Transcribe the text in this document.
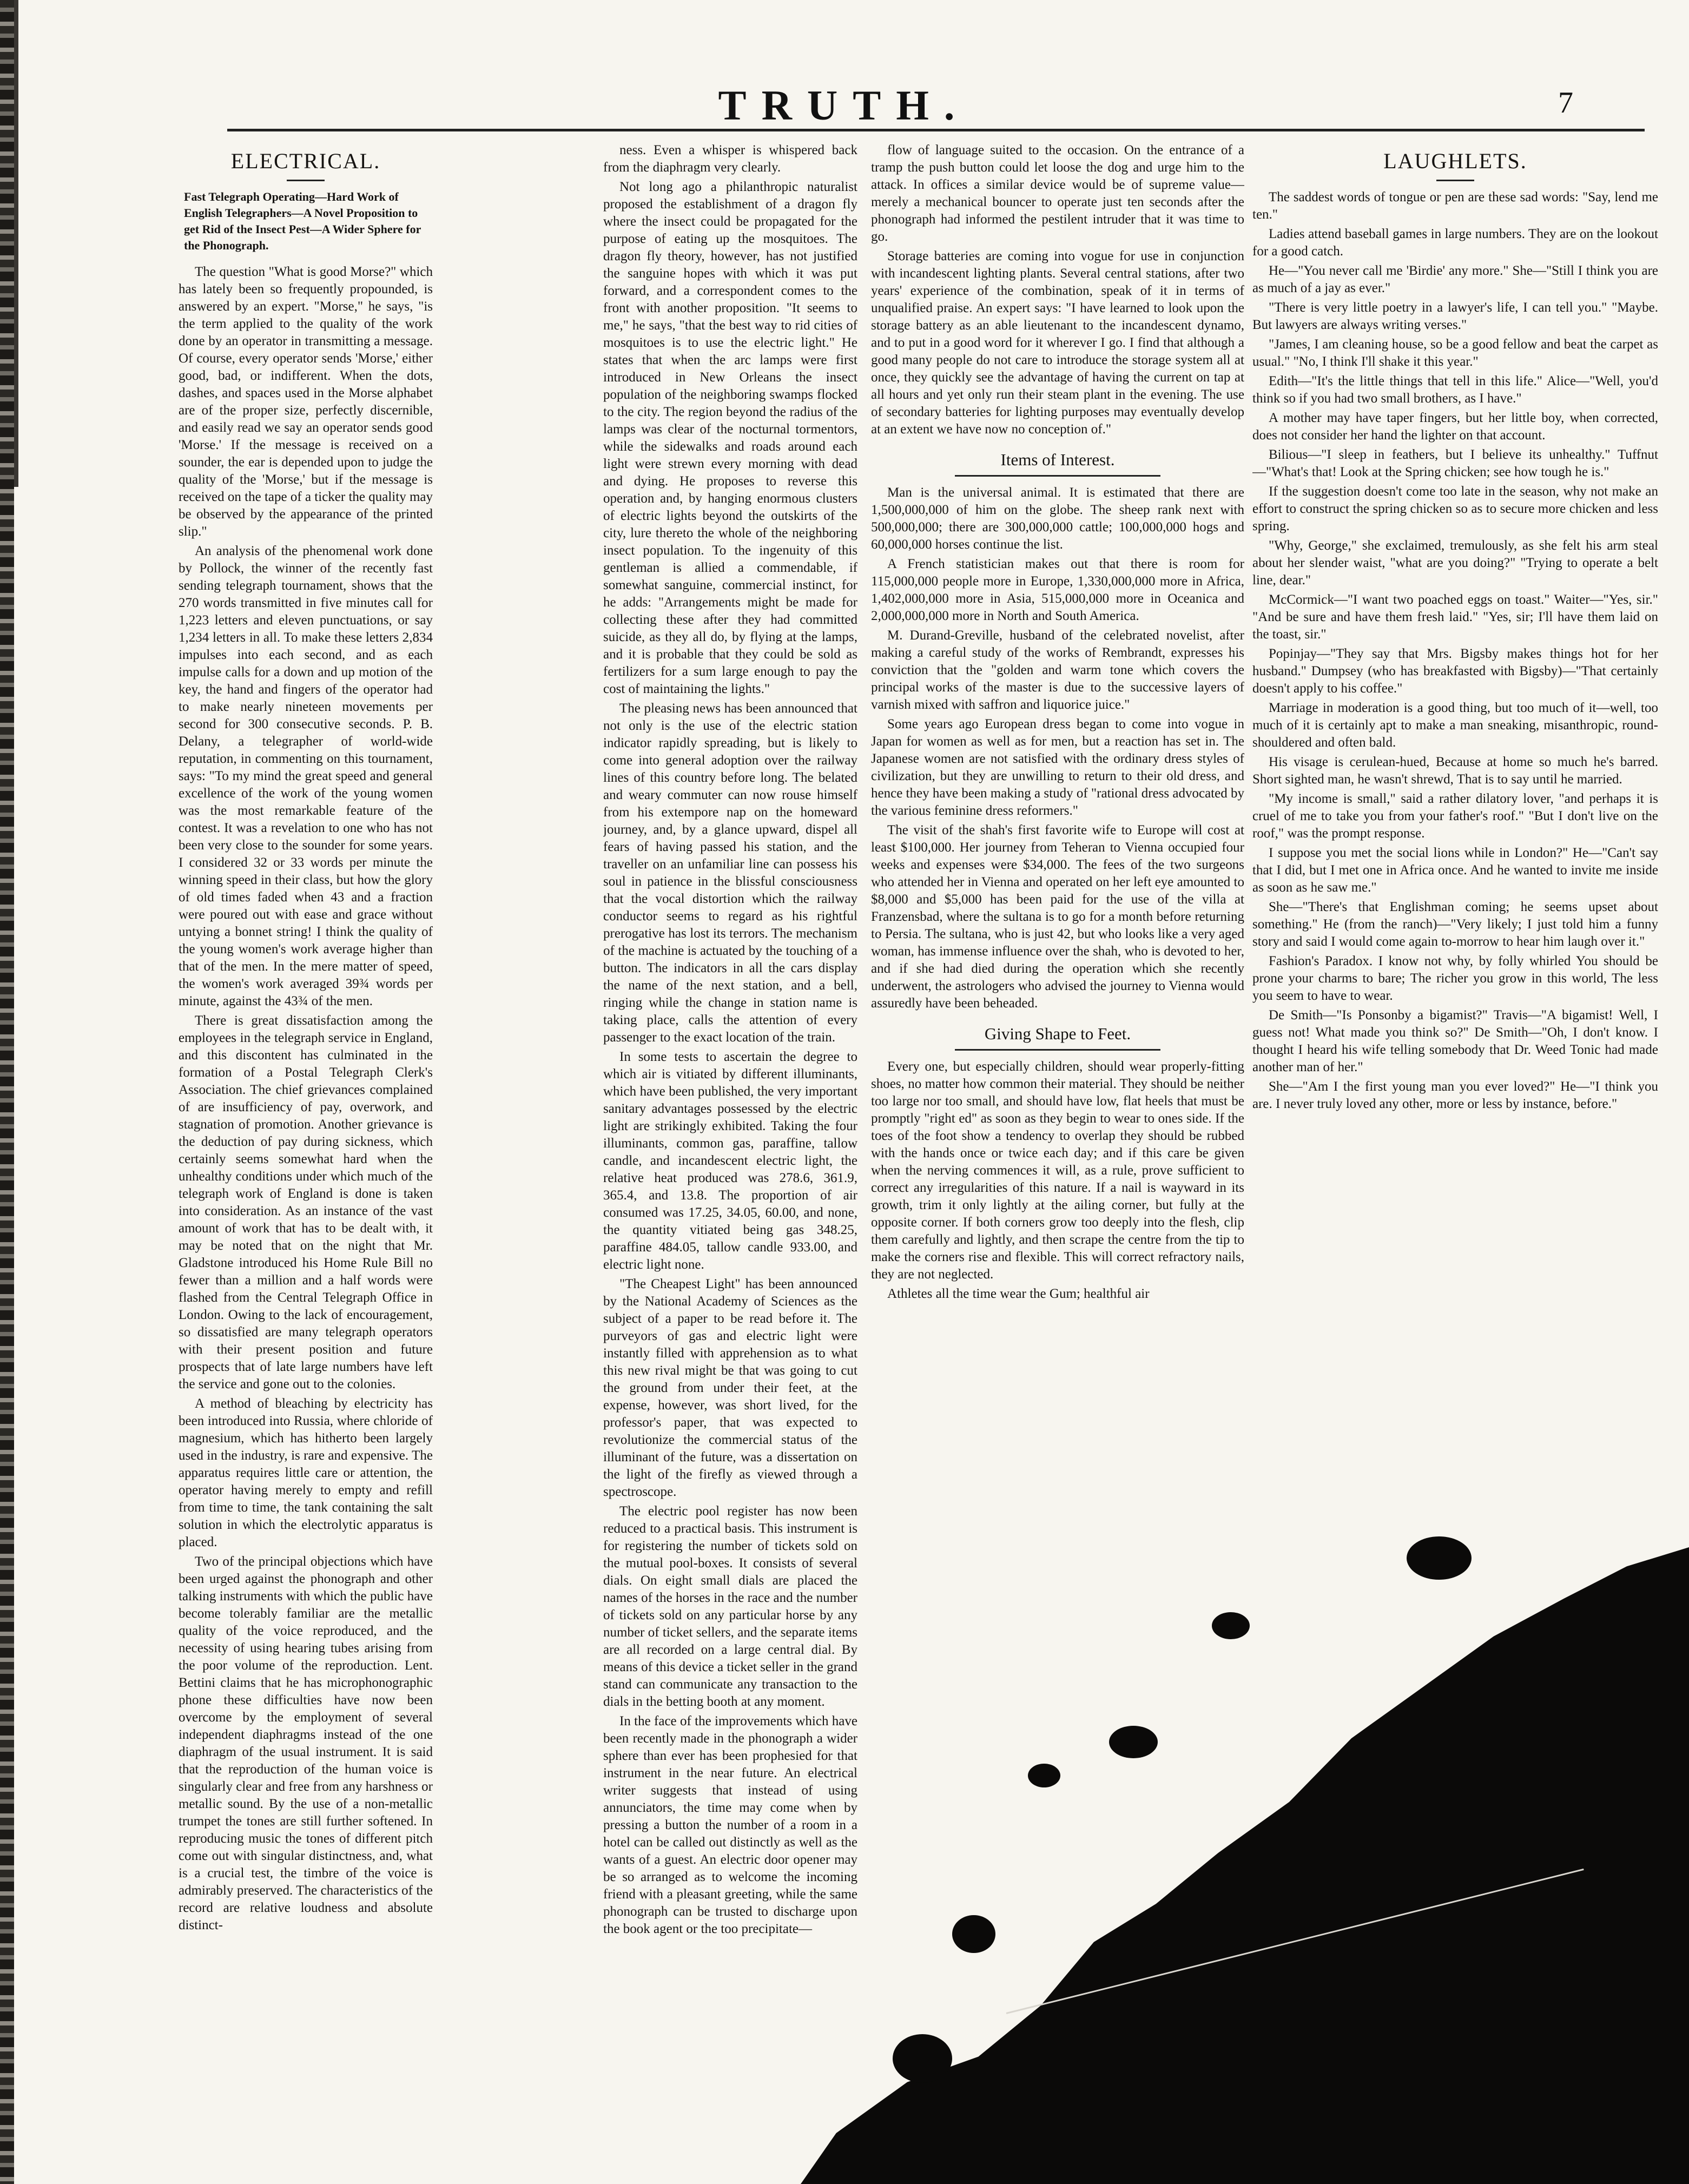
TRUTH.	7
ELECTRICAL.
Fast Telegraph Operating—Hard Work of English Telegraphers—A Novel Proposition to get Rid of the Insect Pest—A Wider Sphere for the Phonograph.

The question "What is good Morse?" which has lately been so frequently propounded, is answered by an expert. "Morse," he says, "is the term applied to the quality of the work done by an operator in transmitting a message. Of course, every operator sends 'Morse,' either good, bad, or indifferent. When the dots, dashes, and spaces used in the Morse alphabet are of the proper size, perfectly discernible, and easily read we say an operator sends good 'Morse.' If the message is received on a sounder, the ear is depended upon to judge the quality of the 'Morse,' but if the message is received on the tape of a ticker the quality may be observed by the appearance of the printed slip."

An analysis of the phenomenal work done by Pollock, the winner of the recently fast sending telegraph tournament, shows that the 270 words transmitted in five minutes call for 1,223 letters and eleven punctuations, or say 1,234 letters in all. To make these letters 2,834 impulses into each second, and as each impulse calls for a down and up motion of the key, the hand and fingers of the operator had to make nearly nineteen movements per second for 300 consecutive seconds. P. B. Delany, a telegrapher of world-wide reputation, in commenting on this tournament, says: "To my mind the great speed and general excellence of the work of the young women was the most remarkable feature of the contest. It was a revelation to one who has not been very close to the sounder for some years. I considered 32 or 33 words per minute the winning speed in their class, but how the glory of old times faded when 43 and a fraction were poured out with ease and grace without untying a bonnet string! I think the quality of the young women's work average higher than that of the men. In the mere matter of speed, the women's work averaged 39¾ words per minute, against the 43¾ of the men.

There is great dissatisfaction among the employees in the telegraph service in England, and this discontent has culminated in the formation of a Postal Telegraph Clerk's Association. The chief grievances complained of are insufficiency of pay, overwork, and stagnation of promotion. Another grievance is the deduction of pay during sickness, which certainly seems somewhat hard when the unhealthy conditions under which much of the telegraph work of England is done is taken into consideration. As an instance of the vast amount of work that has to be dealt with, it may be noted that on the night that Mr. Gladstone introduced his Home Rule Bill no fewer than a million and a half words were flashed from the Central Telegraph Office in London. Owing to the lack of encouragement, so dissatisfied are many telegraph operators with their present position and future prospects that of late large numbers have left the service and gone out to the colonies.

A method of bleaching by electricity has been introduced into Russia, where chloride of magnesium, which has hitherto been largely used in the industry, is rare and expensive. The apparatus requires little care or attention, the operator having merely to empty and refill from time to time, the tank containing the salt solution in which the electrolytic apparatus is placed.

Two of the principal objections which have been urged against the phonograph and other talking instruments with which the public have become tolerably familiar are the metallic quality of the voice reproduced, and the necessity of using hearing tubes arising from the poor volume of the reproduction. Lent. Bettini claims that he has microphonographic phone these difficulties have now been overcome by the employment of several independent diaphragms instead of the one diaphragm of the usual instrument. It is said that the reproduction of the human voice is singularly clear and free from any harshness or metallic sound. By the use of a non-metallic trumpet the tones are still further softened. In reproducing music the tones of different pitch come out with singular distinctness, and, what is a crucial test, the timbre of the voice is admirably preserved. The characteristics of the record are relative loudness and absolute distinct-

ness. Even a whisper is whispered back from the diaphragm very clearly.

Not long ago a philanthropic naturalist proposed the establishment of a dragon fly where the insect could be propagated for the purpose of eating up the mosquitoes. The dragon fly theory, however, has not justified the sanguine hopes with which it was put forward, and a correspondent comes to the front with another proposition. "It seems to me," he says, "that the best way to rid cities of mosquitoes is to use the electric light." He states that when the arc lamps were first introduced in New Orleans the insect population of the neighboring swamps flocked to the city. The region beyond the radius of the lamps was clear of the nocturnal tormentors, while the sidewalks and roads around each light were strewn every morning with dead and dying. He proposes to reverse this operation and, by hanging enormous clusters of electric lights beyond the outskirts of the city, lure thereto the whole of the neighboring insect population. To the ingenuity of this gentleman is allied a commendable, if somewhat sanguine, commercial instinct, for he adds: "Arrangements might be made for collecting these after they had committed suicide, as they all do, by flying at the lamps, and it is probable that they could be sold as fertilizers for a sum large enough to pay the cost of maintaining the lights."

The pleasing news has been announced that not only is the use of the electric station indicator rapidly spreading, but is likely to come into general adoption over the railway lines of this country before long. The belated and weary commuter can now rouse himself from his extempore nap on the homeward journey, and, by a glance upward, dispel all fears of having passed his station, and the traveller on an unfamiliar line can possess his soul in patience in the blissful consciousness that the vocal distortion which the railway conductor seems to regard as his rightful prerogative has lost its terrors. The mechanism of the machine is actuated by the touching of a button. The indicators in all the cars display the name of the next station, and a bell, ringing while the change in station name is taking place, calls the attention of every passenger to the exact location of the train.

In some tests to ascertain the degree to which air is vitiated by different illuminants, which have been published, the very important sanitary advantages possessed by the electric light are strikingly exhibited. Taking the four illuminants, common gas, paraffine, tallow candle, and incandescent electric light, the relative heat produced was 278.6, 361.9, 365.4, and 13.8. The proportion of air consumed was 17.25, 34.05, 60.00, and none, the quantity vitiated being gas 348.25, paraffine 484.05, tallow candle 933.00, and electric light none.

"The Cheapest Light" has been announced by the National Academy of Sciences as the subject of a paper to be read before it. The purveyors of gas and electric light were instantly filled with apprehension as to what this new rival might be that was going to cut the ground from under their feet, at the expense, however, was short lived, for the professor's paper, that was expected to revolutionize the commercial status of the illuminant of the future, was a dissertation on the light of the firefly as viewed through a spectroscope.

The electric pool register has now been reduced to a practical basis. This instrument is for registering the number of tickets sold on the mutual pool-boxes. It consists of several dials. On eight small dials are placed the names of the horses in the race and the number of tickets sold on any particular horse by any number of ticket sellers, and the separate items are all recorded on a large central dial. By means of this device a ticket seller in the grand stand can communicate any transaction to the dials in the betting booth at any moment.

In the face of the improvements which have been recently made in the phonograph a wider sphere than ever has been prophesied for that instrument in the near future. An electrical writer suggests that instead of using annunciators, the time may come when by pressing a button the number of a room in a hotel can be called out distinctly as well as the wants of a guest. An electric door opener may be so arranged as to welcome the incoming friend with a pleasant greeting, while the same phonograph can be trusted to discharge upon the book agent or the too precipitate—

flow of language suited to the occasion. On the entrance of a tramp the push button could let loose the dog and urge him to the attack. In offices a similar device would be of supreme value—merely a mechanical bouncer to operate just ten seconds after the phonograph had informed the pestilent intruder that it was time to go.

Storage batteries are coming into vogue for use in conjunction with incandescent lighting plants. Several central stations, after two years' experience of the combination, speak of it in terms of unqualified praise. An expert says: "I have learned to look upon the storage battery as an able lieutenant to the incandescent dynamo, and to put in a good word for it wherever I go. I find that although a good many people do not care to introduce the storage system all at once, they quickly see the advantage of having the current on tap at all hours and yet only run their steam plant in the evening. The use of secondary batteries for lighting purposes may eventually develop at an extent we have now no conception of."

Items of Interest.

Man is the universal animal. It is estimated that there are 1,500,000,000 of him on the globe. The sheep rank next with 500,000,000; there are 300,000,000 cattle; 100,000,000 hogs and 60,000,000 horses continue the list.

A French statistician makes out that there is room for 115,000,000 people more in Europe, 1,330,000,000 more in Africa, 1,402,000,000 more in Asia, 515,000,000 more in Oceanica and 2,000,000,000 more in North and South America.

M. Durand-Greville, husband of the celebrated novelist, after making a careful study of the works of Rembrandt, expresses his conviction that the "golden and warm tone which covers the principal works of the master is due to the successive layers of varnish mixed with saffron and liquorice juice."

Some years ago European dress began to come into vogue in Japan for women as well as for men, but a reaction has set in. The Japanese women are not satisfied with the ordinary dress styles of civilization, but they are unwilling to return to their old dress, and hence they have been making a study of "rational dress advocated by the various feminine dress reformers."

The visit of the shah's first favorite wife to Europe will cost at least $100,000. Her journey from Teheran to Vienna occupied four weeks and expenses were $34,000. The fees of the two surgeons who attended her in Vienna and operated on her left eye amounted to $8,000 and $5,000 has been paid for the use of the villa at Franzensbad, where the sultana is to go for a month before returning to Persia. The sultana, who is just 42, but who looks like a very aged woman, has immense influence over the shah, who is devoted to her, and if she had died during the operation which she recently underwent, the astrologers who advised the journey to Vienna would assuredly have been beheaded.

Giving Shape to Feet.

Every one, but especially children, should wear properly-fitting shoes, no matter how common their material. They should be neither too large nor too small, and should have low, flat heels that must be promptly "right ed" as soon as they begin to wear to ones side. If the toes of the foot show a tendency to overlap they should be rubbed with the hands once or twice each day; and if this care be given when the nerving commences it will, as a rule, prove sufficient to correct any irregularities of this nature. If a nail is wayward in its growth, trim it only lightly at the ailing corner, but fully at the opposite corner. If both corners grow too deeply into the flesh, clip them carefully and lightly, and then scrape the centre from the tip to make the corners rise and flexible. This will correct refractory nails, they are not neglected.

Athletes all the time wear the Gum; healthful air

LAUGHLETS.

The saddest words of tongue or pen are these sad words: "Say, lend me ten."

Ladies attend baseball games in large numbers. They are on the lookout for a good catch.

He—"You never call me 'Birdie' any more." She—"Still I think you are as much of a jay as ever."

"There is very little poetry in a lawyer's life, I can tell you." "Maybe. But lawyers are always writing verses."

"James, I am cleaning house, so be a good fellow and beat the carpet as usual." "No, I think I'll shake it this year."

Edith—"It's the little things that tell in this life." Alice—"Well, you'd think so if you had two small brothers, as I have."

A mother may have taper fingers, but her little boy, when corrected, does not consider her hand the lighter on that account.

Bilious—"I sleep in feathers, but I believe its unhealthy." Tuffnut—"What's that! Look at the Spring chicken; see how tough he is."

If the suggestion doesn't come too late in the season, why not make an effort to construct the spring chicken so as to secure more chicken and less spring.

"Why, George," she exclaimed, tremulously, as she felt his arm steal about her slender waist, "what are you doing?" "Trying to operate a belt line, dear."

McCormick—"I want two poached eggs on toast." Waiter—"Yes, sir." "And be sure and have them fresh laid." "Yes, sir; I'll have them laid on the toast, sir."

Popinjay—"They say that Mrs. Bigsby makes things hot for her husband." Dumpsey (who has breakfasted with Bigsby)—"That certainly doesn't apply to his coffee."

Marriage in moderation is a good thing, but too much of it—well, too much of it is certainly apt to make a man sneaking, misanthropic, round-shouldered and often bald.

His visage is cerulean-hued, Because at home so much he's barred. Short sighted man, he wasn't shrewd, That is to say until he married.

"My income is small," said a rather dilatory lover, "and perhaps it is cruel of me to take you from your father's roof." "But I don't live on the roof," was the prompt response.

I suppose you met the social lions while in London?" He—"Can't say that I did, but I met one in Africa once. And he wanted to invite me inside as soon as he saw me."

She—"There's that Englishman coming; he seems upset about something." He (from the ranch)—"Very likely; I just told him a funny story and said I would come again to-morrow to hear him laugh over it."

Fashion's Paradox. I know not why, by folly whirled You should be prone your charms to bare; The richer you grow in this world, The less you seem to have to wear.

De Smith—"Is Ponsonby a bigamist?" Travis—"A bigamist! Well, I guess not! What made you think so?" De Smith—"Oh, I don't know. I thought I heard his wife telling somebody that Dr. Weed Tonic had made another man of her."

She—"Am I the first young man you ever loved?" He—"I think you are. I never truly loved any other, more or less by instance, before."
